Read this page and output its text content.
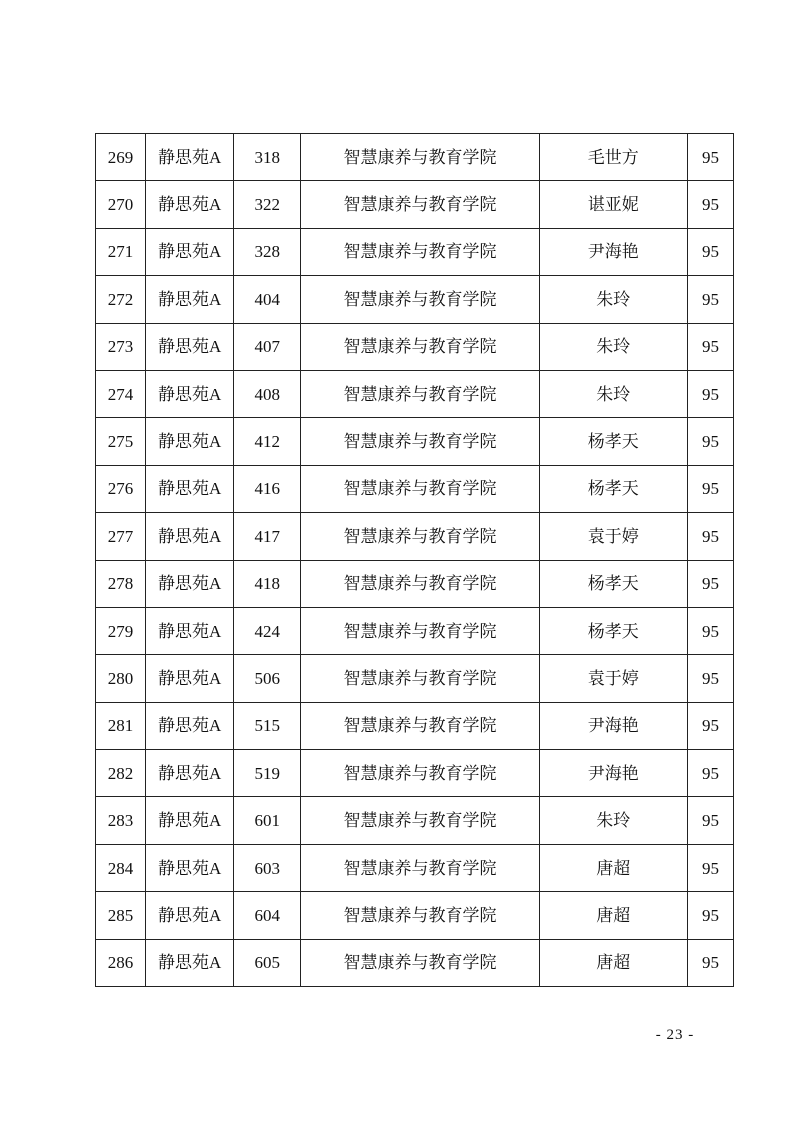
269	静思苑A	318	智慧康养与教育学院	毛世方	95
270	静思苑A	322	智慧康养与教育学院	谌亚妮	95
271	静思苑A	328	智慧康养与教育学院	尹海艳	95
272	静思苑A	404	智慧康养与教育学院	朱玲	95
273	静思苑A	407	智慧康养与教育学院	朱玲	95
274	静思苑A	408	智慧康养与教育学院	朱玲	95
275	静思苑A	412	智慧康养与教育学院	杨孝天	95
276	静思苑A	416	智慧康养与教育学院	杨孝天	95
277	静思苑A	417	智慧康养与教育学院	袁于婷	95
278	静思苑A	418	智慧康养与教育学院	杨孝天	95
279	静思苑A	424	智慧康养与教育学院	杨孝天	95
280	静思苑A	506	智慧康养与教育学院	袁于婷	95
281	静思苑A	515	智慧康养与教育学院	尹海艳	95
282	静思苑A	519	智慧康养与教育学院	尹海艳	95
283	静思苑A	601	智慧康养与教育学院	朱玲	95
284	静思苑A	603	智慧康养与教育学院	唐超	95
285	静思苑A	604	智慧康养与教育学院	唐超	95
286	静思苑A	605	智慧康养与教育学院	唐超	95
- 23 -
